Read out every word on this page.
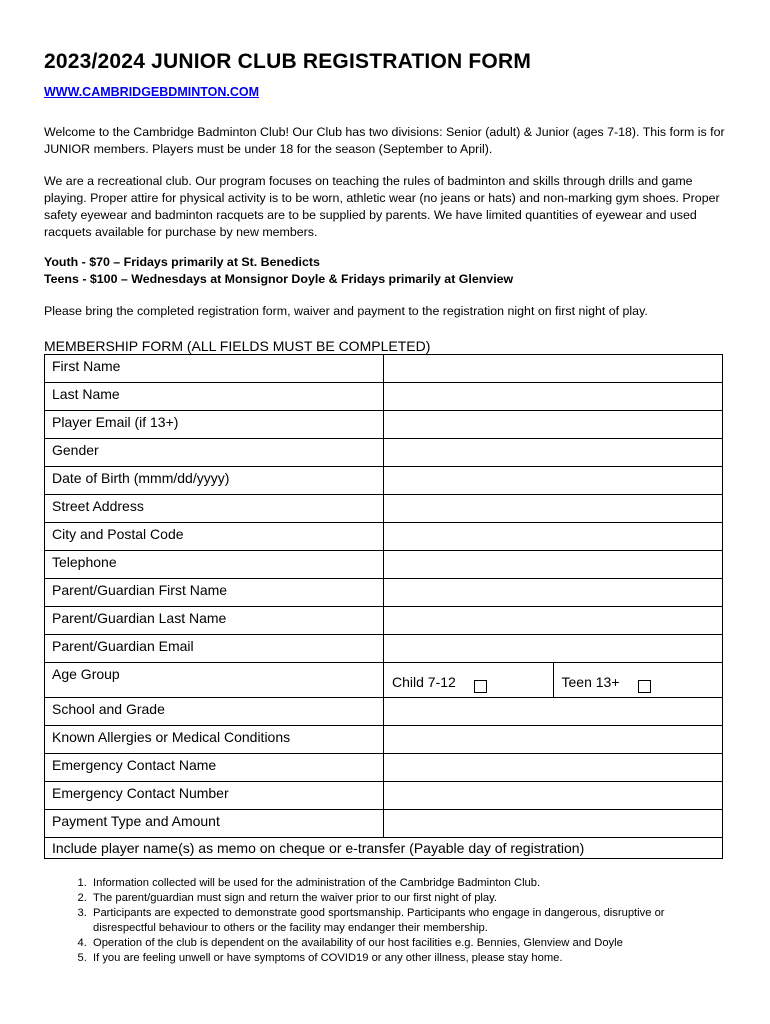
2023/2024 JUNIOR CLUB REGISTRATION FORM
WWW.CAMBRIDGEBDMINTON.COM
Welcome to the Cambridge Badminton Club! Our Club has two divisions: Senior (adult) & Junior (ages 7-18). This form is for JUNIOR members. Players must be under 18 for the season (September to April).
We are a recreational club. Our program focuses on teaching the rules of badminton and skills through drills and game playing. Proper attire for physical activity is to be worn, athletic wear (no jeans or hats) and non-marking gym shoes. Proper safety eyewear and badminton racquets are to be supplied by parents. We have limited quantities of eyewear and used racquets available for purchase by new members.
Youth - $70 – Fridays primarily at St. Benedicts
Teens - $100 – Wednesdays at Monsignor Doyle & Fridays primarily at Glenview
Please bring the completed registration form, waiver and payment to the registration night on first night of play.
MEMBERSHIP FORM (ALL FIELDS MUST BE COMPLETED)
First Name	
Last Name	
Player Email (if 13+)	
Gender	
Date of Birth (mmm/dd/yyyy)	
Street Address	
City and Postal Code	
Telephone	
Parent/Guardian First Name	
Parent/Guardian Last Name	
Parent/Guardian Email	
Age Group	Child 7-12 Teen 13+

School and Grade	
Known Allergies or Medical Conditions	
Emergency Contact Name	
Emergency Contact Number	
Payment Type and Amount	
Include player name(s) as memo on cheque or e-transfer (Payable day of registration)	
1. Information collected will be used for the administration of the Cambridge Badminton Club.
2. The parent/guardian must sign and return the waiver prior to our first night of play.
3. Participants are expected to demonstrate good sportsmanship. Participants who engage in dangerous, disruptive or disrespectful behaviour to others or the facility may endanger their membership.
4. Operation of the club is dependent on the availability of our host facilities e.g. Bennies, Glenview and Doyle
5. If you are feeling unwell or have symptoms of COVID19 or any other illness, please stay home.
